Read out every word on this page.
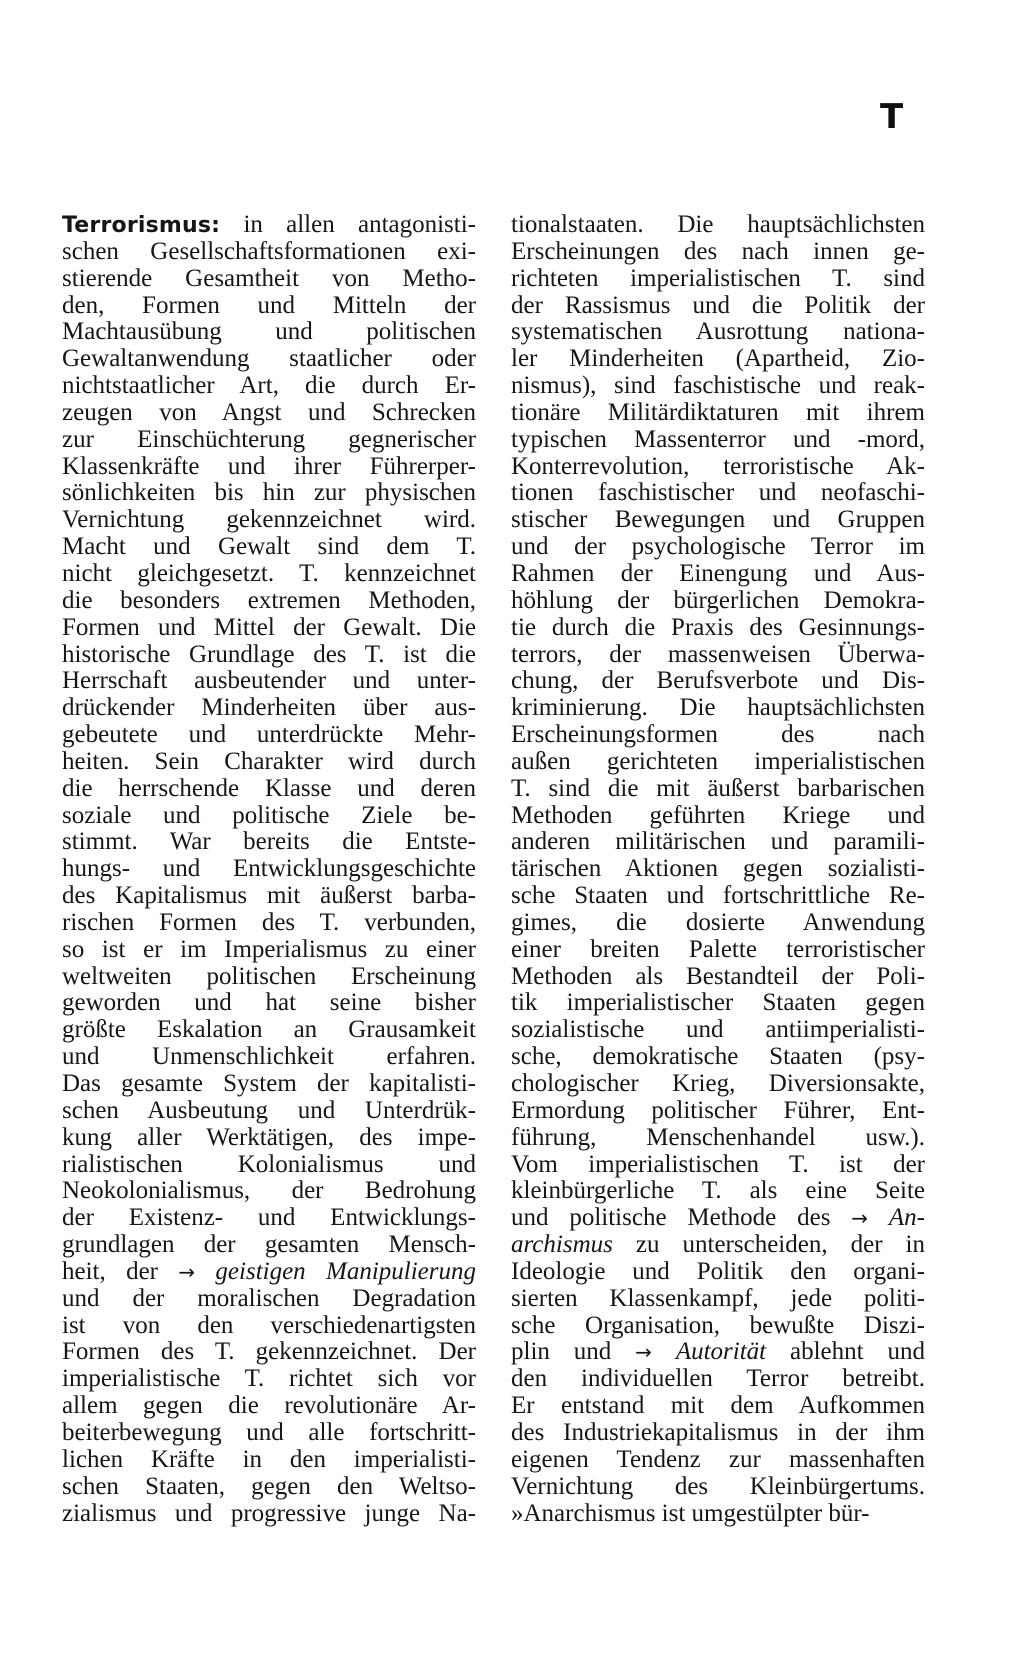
T
Terrorismus: in allen antagonisti-
schen Gesellschaftsformationen exi-
stierende Gesamtheit von Metho-
den, Formen und Mitteln der
Machtausübung und politischen
Gewaltanwendung staatlicher oder
nichtstaatlicher Art, die durch Er-
zeugen von Angst und Schrecken
zur Einschüchterung gegnerischer
Klassenkräfte und ihrer Führerper-
sönlichkeiten bis hin zur physischen
Vernichtung gekennzeichnet wird.
Macht und Gewalt sind dem T.
nicht gleichgesetzt. T. kennzeichnet
die besonders extremen Methoden,
Formen und Mittel der Gewalt. Die
historische Grundlage des T. ist die
Herrschaft ausbeutender und unter-
drückender Minderheiten über aus-
gebeutete und unterdrückte Mehr-
heiten. Sein Charakter wird durch
die herrschende Klasse und deren
soziale und politische Ziele be-
stimmt. War bereits die Entste-
hungs- und Entwicklungsgeschichte
des Kapitalismus mit äußerst barba-
rischen Formen des T. verbunden,
so ist er im Imperialismus zu einer
weltweiten politischen Erscheinung
geworden und hat seine bisher
größte Eskalation an Grausamkeit
und Unmenschlichkeit erfahren.
Das gesamte System der kapitalisti-
schen Ausbeutung und Unterdrük-
kung aller Werktätigen, des impe-
rialistischen Kolonialismus und
Neokolonialismus, der Bedrohung
der Existenz- und Entwicklungs-
grundlagen der gesamten Mensch-
heit, der → geistigen Manipulierung
und der moralischen Degradation
ist von den verschiedenartigsten
Formen des T. gekennzeichnet. Der
imperialistische T. richtet sich vor
allem gegen die revolutionäre Ar-
beiterbewegung und alle fortschritt-
lichen Kräfte in den imperialisti-
schen Staaten, gegen den Weltso-
zialismus und progressive junge Na-
tionalstaaten. Die hauptsächlichsten
Erscheinungen des nach innen ge-
richteten imperialistischen T. sind
der Rassismus und die Politik der
systematischen Ausrottung nationa-
ler Minderheiten (Apartheid, Zio-
nismus), sind faschistische und reak-
tionäre Militärdiktaturen mit ihrem
typischen Massenterror und -mord,
Konterrevolution, terroristische Ak-
tionen faschistischer und neofaschi-
stischer Bewegungen und Gruppen
und der psychologische Terror im
Rahmen der Einengung und Aus-
höhlung der bürgerlichen Demokra-
tie durch die Praxis des Gesinnungs-
terrors, der massenweisen Überwa-
chung, der Berufsverbote und Dis-
kriminierung. Die hauptsächlichsten
Erscheinungsformen des nach
außen gerichteten imperialistischen
T. sind die mit äußerst barbarischen
Methoden geführten Kriege und
anderen militärischen und paramili-
tärischen Aktionen gegen sozialisti-
sche Staaten und fortschrittliche Re-
gimes, die dosierte Anwendung
einer breiten Palette terroristischer
Methoden als Bestandteil der Poli-
tik imperialistischer Staaten gegen
sozialistische und antiimperialisti-
sche, demokratische Staaten (psy-
chologischer Krieg, Diversionsakte,
Ermordung politischer Führer, Ent-
führung, Menschenhandel usw.).
Vom imperialistischen T. ist der
kleinbürgerliche T. als eine Seite
und politische Methode des → An-
archismus zu unterscheiden, der in
Ideologie und Politik den organi-
sierten Klassenkampf, jede politi-
sche Organisation, bewußte Diszi-
plin und → Autorität ablehnt und
den individuellen Terror betreibt.
Er entstand mit dem Aufkommen
des Industriekapitalismus in der ihm
eigenen Tendenz zur massenhaften
Vernichtung des Kleinbürgertums.
»Anarchismus ist umgestülpter bür-
